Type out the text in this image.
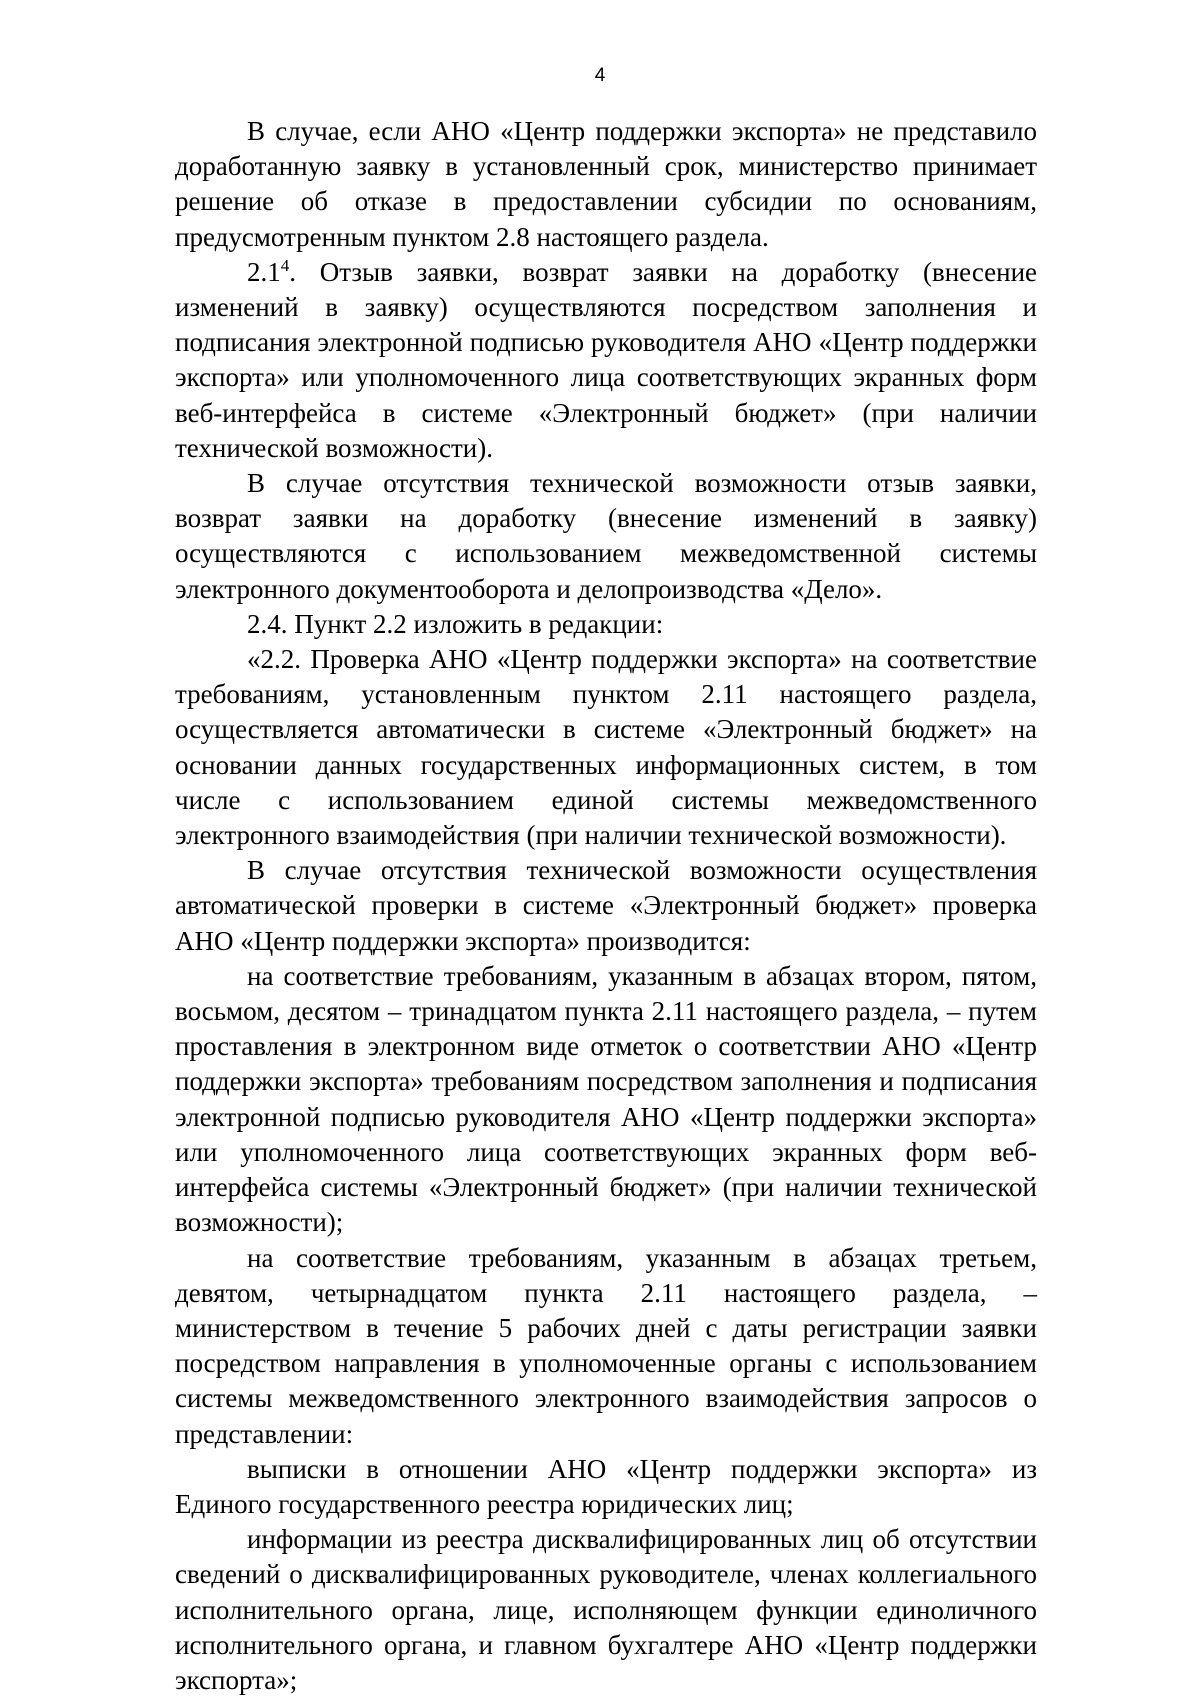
4

В случае, если АНО «Центр поддержки экспорта» не представило доработанную заявку в установленный срок, министерство принимает решение об отказе в предоставлении субсидии по основаниям, предусмотренным пунктом 2.8 настоящего раздела.

$2.1^4$. Отзыв заявки, возврат заявки на доработку (внесение изменений в заявку) осуществляются посредством заполнения и подписания электронной подписью руководителя АНО «Центр поддержки экспорта» или уполномоченного лица соответствующих экранных форм веб-интерфейса в системе «Электронный бюджет» (при наличии технической возможности).

В случае отсутствия технической возможности отзыв заявки, возврат заявки на доработку (внесение изменений в заявку) осуществляются с использованием межведомственной системы электронного документооборота и делопроизводства «Дело».

2.4. Пункт 2.2 изложить в редакции:

«2.2. Проверка АНО «Центр поддержки экспорта» на соответствие требованиям, установленным пунктом 2.11 настоящего раздела, осуществляется автоматически в системе «Электронный бюджет» на основании данных государственных информационных систем, в том числе с использованием единой системы межведомственного электронного взаимодействия (при наличии технической возможности).

В случае отсутствия технической возможности осуществления автоматической проверки в системе «Электронный бюджет» проверка АНО «Центр поддержки экспорта» производится:

на соответствие требованиям, указанным в абзацах втором, пятом, восьмом, десятом – тринадцатом пункта 2.11 настоящего раздела, – путем проставления в электронном виде отметок о соответствии АНО «Центр поддержки экспорта» требованиям посредством заполнения и подписания электронной подписью руководителя АНО «Центр поддержки экспорта» или уполномоченного лица соответствующих экранных форм веб-интерфейса системы «Электронный бюджет» (при наличии технической возможности);

на соответствие требованиям, указанным в абзацах третьем, девятом, четырнадцатом пункта 2.11 настоящего раздела, – министерством в течение 5 рабочих дней с даты регистрации заявки посредством направления в уполномоченные органы с использованием системы межведомственного электронного взаимодействия запросов о представлении:

выписки в отношении АНО «Центр поддержки экспорта» из Единого государственного реестра юридических лиц;

информации из реестра дисквалифицированных лиц об отсутствии сведений о дисквалифицированных руководителе, членах коллегиального исполнительного органа, лице, исполняющем функции единоличного исполнительного органа, и главном бухгалтере АНО «Центр поддержки экспорта»;
